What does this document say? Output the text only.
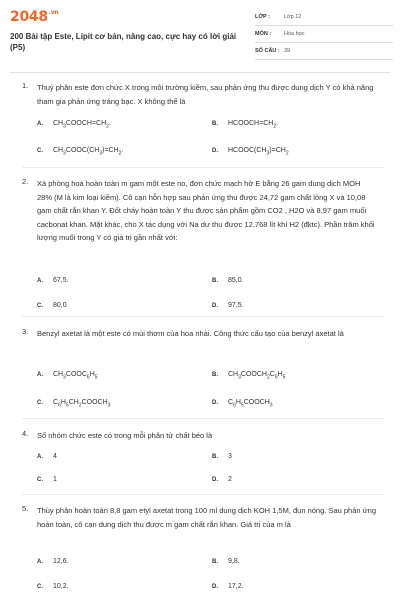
$2048^{.vn}$
200 Bài tập Este, Lipit cơ bản, nâng cao, cực hay có lời giải (P5)
LỚP :	Lớp 12
MÔN : Hóa học
SỐ CÂU : 39
1. Thuỷ phân este đơn chức X trong môi trường kiềm, sau phản ứng thu được dung dịch Y có khả năng tham gia phản ứng tráng bạc. X không thể là
A. $CH_3COOCH=CH_2$.	B. $HCOOCH=CH_2$.
C. $CH_3COOC(CH_3)=CH_2$.	D. $HCOOC(CH_3)=CH_2$
2. Xà phòng hoá hoàn toàn m gam một este no, đơn chức mạch hở E bằng 26 gam dung dịch MOH 28% (M là kim loại kiềm). Cô cạn hỗn hợp sau phản ứng thu được 24,72 gam chất lỏng X và 10,08 gam chất rắn khan Y. Đốt cháy hoàn toàn Y thu được sản phẩm gồm CO2 , H2O và 8,97 gam muối cacbonat khan. Mặt khác, cho X tác dụng với Na dư thu được 12,768 lít khí H2 (đktc). Phần trăm khối lượng muối trong Y có giá trị gần nhất với:
A. 67,5.	B. 85,0.
C. 80,0	D. 97,5.
3. Benzyl axetat là một este có mùi thơm của hoa nhài. Công thức cấu tạo của benzyl axetat là
A. $CH_3COOC_6H_5$	B. $CH_3COOCH_2C_6H_5$
C. $C_6H_5CH_2COOCH_3$	D. $C_6H_5COOCH_3$
4. Số nhóm chức este có trong mỗi phân tử chất béo là
A. 4	B. 3
C. 1	D. 2
5. Thủy phân hoàn toàn 8,8 gam etyl axetat trong 100 ml dung dịch KOH 1,5M, đun nóng. Sau phản ứng hoàn toàn, cô cạn dung dịch thu được m gam chất rắn khan. Giá trị của m là
A. 12,6.	B. 9,8.
C. 10,2.	D. 17,2.
